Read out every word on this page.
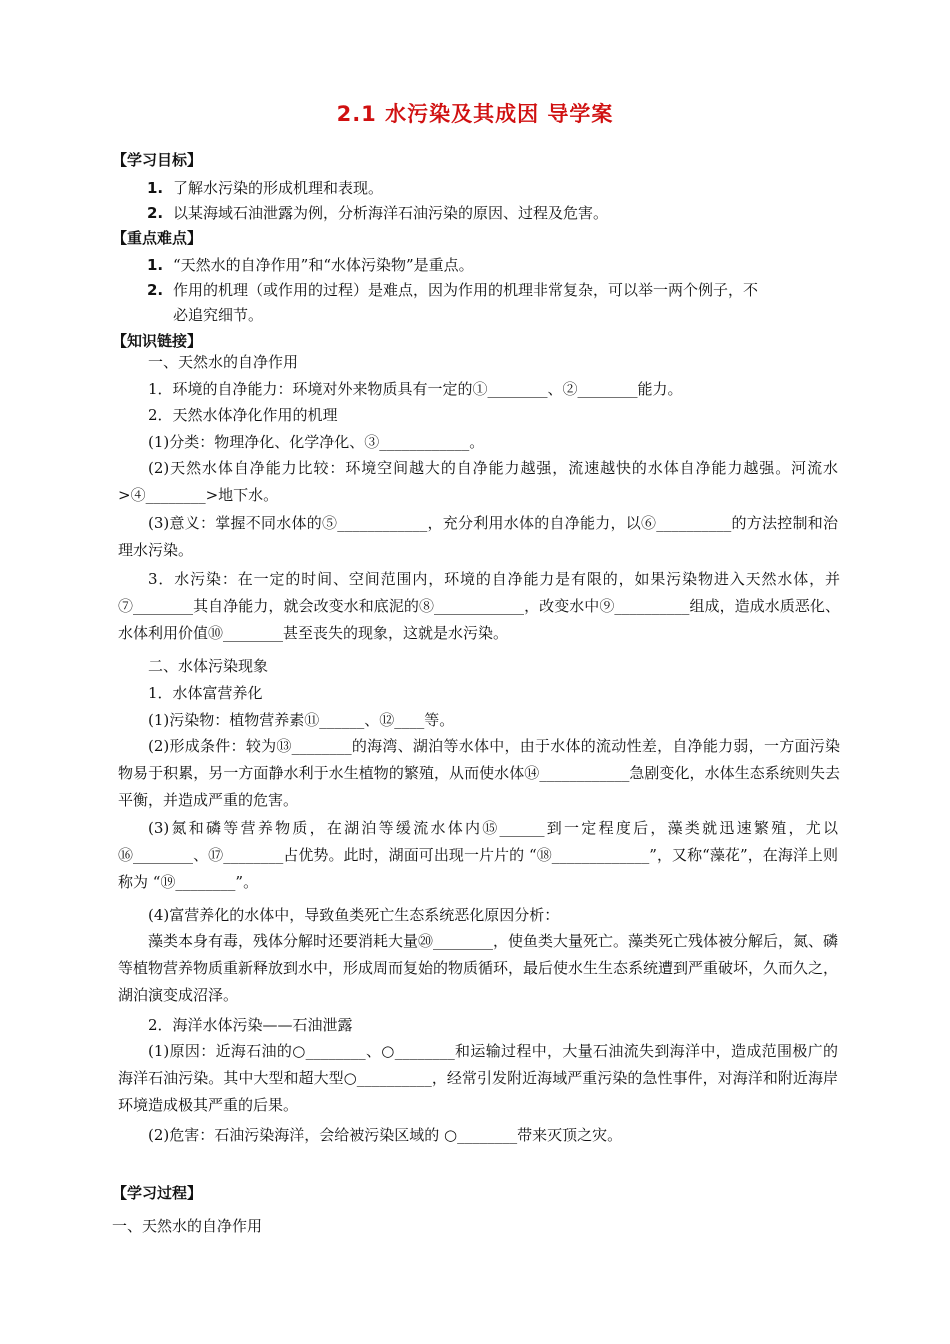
2.1 水污染及其成因 导学案
【学习目标】
1. 了解水污染的形成机理和表现。
2. 以某海域石油泄露为例，分析海洋石油污染的原因、过程及危害。
【重点难点】
1. “天然水的自净作用”和“水体污染物”是重点。
2. 作用的机理（或作用的过程）是难点，因为作用的机理非常复杂，可以举一两个例子，不
必追究细节。
【知识链接】
一、天然水的自净作用
1．环境的自净能力：环境对外来物质具有一定的①________、②________能力。
2．天然水体净化作用的机理
(1)分类：物理净化、化学净化、③____________。
(2)天然水体自净能力比较：环境空间越大的自净能力越强，流速越快的水体自净能力越强。河流水>④________>地下水。
(3)意义：掌握不同水体的⑤____________，充分利用水体的自净能力，以⑥__________的方法控制和治理水污染。
3．水污染：在一定的时间、空间范围内，环境的自净能力是有限的，如果污染物进入天然水体，并⑦________其自净能力，就会改变水和底泥的⑧____________，改变水中⑨__________组成，造成水质恶化、水体利用价值⑩________甚至丧失的现象，这就是水污染。
二、水体污染现象
1．水体富营养化
(1)污染物：植物营养素⑪______、⑫____等。
(2)形成条件：较为⑬________的海湾、湖泊等水体中，由于水体的流动性差，自净能力弱，一方面污染物易于积累，另一方面静水利于水生植物的繁殖，从而使水体⑭____________急剧变化，水体生态系统则失去平衡，并造成严重的危害。
(3)氮和磷等营养物质，在湖泊等缓流水体内⑮______到一定程度后，藻类就迅速繁殖，尤以⑯________、⑰________占优势。此时，湖面可出现一片片的 “⑱_____________”，又称“藻花”，在海洋上则称为 “⑲________”。
(4)富营养化的水体中，导致鱼类死亡生态系统恶化原因分析：
藻类本身有毒，残体分解时还要消耗大量⑳________，使鱼类大量死亡。藻类死亡残体被分解后，氮、磷等植物营养物质重新释放到水中，形成周而复始的物质循环，最后使水生生态系统遭到严重破坏，久而久之，湖泊演变成沼泽。
2．海洋水体污染——石油泄露
(1)原因：近海石油的○________、○________和运输过程中，大量石油流失到海洋中，造成范围极广的海洋石油污染。其中大型和超大型○__________，经常引发附近海域严重污染的急性事件，对海洋和附近海岸环境造成极其严重的后果。
(2)危害：石油污染海洋，会给被污染区域的 ○________带来灭顶之灾。
【学习过程】
一、天然水的自净作用
